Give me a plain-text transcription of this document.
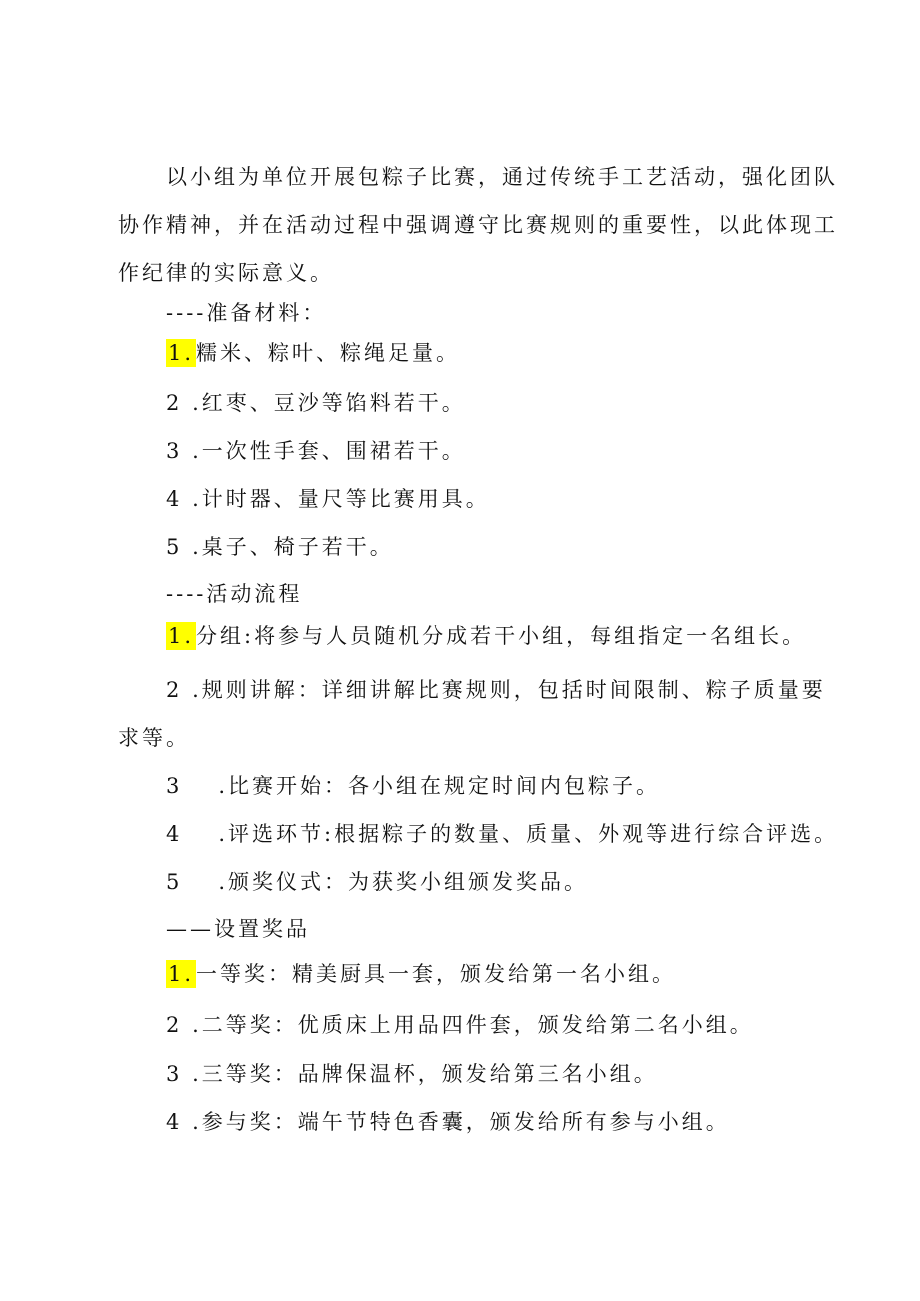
以小组为单位开展包粽子比赛，通过传统手工艺活动，强化团队
协作精神，并在活动过程中强调遵守比赛规则的重要性，以此体现工
作纪律的实际意义。
----准备材料：
1.糯米、粽叶、粽绳足量。
2 .红枣、豆沙等馅料若干。
3 .一次性手套、围裙若干。
4 .计时器、量尺等比赛用具。
5 .桌子、椅子若干。
----活动流程
1.分组:将参与人员随机分成若干小组，每组指定一名组长。
2 .规则讲解：详细讲解比赛规则，包括时间限制、粽子质量要
求等。
3 .比赛开始：各小组在规定时间内包粽子。
4 .评选环节:根据粽子的数量、质量、外观等进行综合评选。
5 .颁奖仪式：为获奖小组颁发奖品。
——设置奖品
1.一等奖：精美厨具一套，颁发给第一名小组。
2 .二等奖：优质床上用品四件套，颁发给第二名小组。
3 .三等奖：品牌保温杯，颁发给第三名小组。
4 .参与奖：端午节特色香囊，颁发给所有参与小组。
